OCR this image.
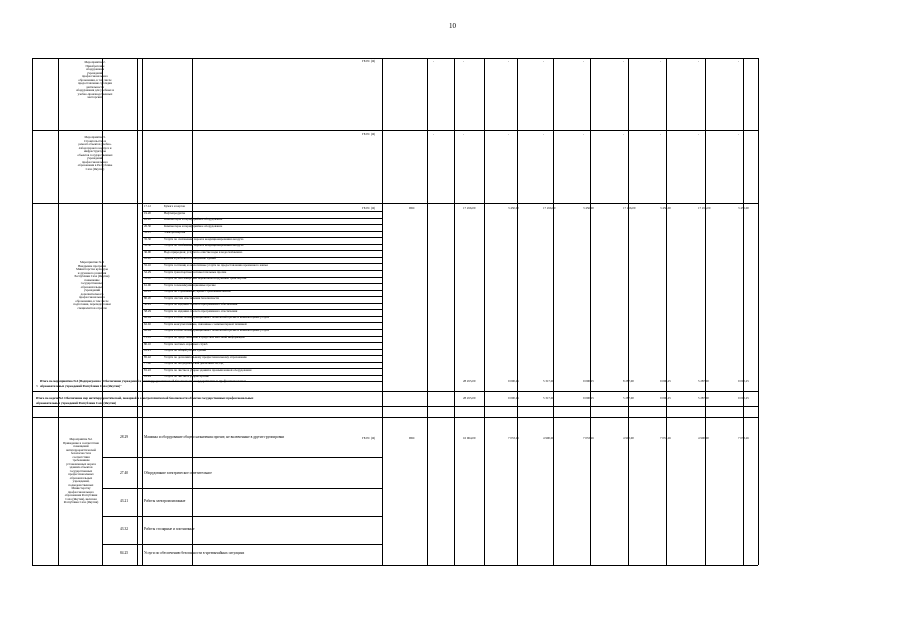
10
Мероприятие 2.
Приобретение
оборудования
учреждений
профессионального
образования, в том числе
предоставление субсидии
деятельности
оборудования для учебных и
учебно-производственных
мастерских
ГБ РС (Я)	-	-	-	-	-	-	-	-	-
Мероприятие 3.
Строительство и
ремонт объектов учебно-
лабораторного корпуса и
инфраструктуры
объектов государственных
учреждений
профессионального
образования в Республике
Саха (Якутия)
ГБ РС (Я)	-	-	-	-	-	-	-	-	-
Мероприятие № 4
Внедрение программ
Министерства культуры
и духовного развития
Республики Саха (Якутия)
повышение
государственных
образовательных
учреждений
дополнительного
профессионального
образования, в том числе
подготовки, переподготовки
специалистов отрасли
ГБ РС (Я)	ПБС	17 456,00	3 450,00	17 456,00	3 456,00	17 456,00	3 456,00	17 456,00	3 456,00
17.12	Бумага и картон
19.20	Нефтепродукты
26.20	Компьютеры и периферийное оборудование
26.30	Компьютеры и периферийное оборудование
35.11	Электроэнергия
35.30	Услуги по снабжению паром и кондиционированию воздуха
35.30	Услуги по снабжению паром и кондиционированию воздуха
36.00	Вода природная; услуги по очистке воды и водоснабжению
41.20	Здания и работы по возведению зданий
55.10	Услуги гостиниц и аналогичные услуги по предоставлению временного жилья
52.29	Услуги транспортных вспомогательные прочие
51.10	Услуги по пассажирским перевозкам воздушным транспортом
61.90	Услуги телекоммуникационные прочие
65.12	Услуги по страхованию, кроме страхования жизни
80.20	Услуги систем обеспечения безопасности
58.29	Услуги по изданию прочего программного обеспечения
58.29	Услуги по изданию прочего программного обеспечения
62.09	Услуги в области информационных технологий прочие и компьютерные услуги
62.02	Услуги консультативные, связанные с компьютерной техникой
62.09	Услуги в области информационных технологий прочие и компьютерные услуги
73.12	Услуги по представлению в средствах массовой информации
80.10	Услуги частных охранных служб
81.21	Услуги по общей уборке зданий
85.42	Услуги по дополнительному профессиональному образованию
77.00	Услуги по посреднической деятельности, ВД
81.22	Услуги по чистке и уборке зданий и промышленной оборудования
81.29	Услуги по чистке и уборке прочие
3
Итого по мероприятию №4 (Подпрограмма "Обеспечение учреждений и антитеррористической безопасности государственных профессиональных
образовательных учреждений Республики Саха (Якутия)"
28 455,00	9 000,25	5 317,00	9 000,25	8 287,00	9 000,25	5 287,00	9 000,25
Итого по задаче №1 Обеспечение мер антитеррористической, пожарной и электротехнической безопасности объектов государственных профессиональных
образовательных учреждений Республики Саха (Якутия)
28 455,00	9 000,25	5 317,00	9 000,25	5 287,00	9 000,25	5 287,00	9 000,25
Мероприятие №1
Приведение в соответствие
помещений
антитеррористической
безопасности и
соответствия
требованиям
установленных норм в
зданиях объектов
государственных
профессиональных
образовательных
учреждений,
подведомственных
Министерству
профессионального
образования Республики
Саха (Якутия), включая
Республика Саха (Якутия)
ГБ РС (Я)	ПБС	16 964,00	7 033,26	4 900,00	7 033,26	4 900,00	7 033,26	4 900,00	7 033,26
28.29	Машины и оборудование общего назначения прочие, не включенные в другие группировки
27.40	Оборудование электрическое осветительное
43.21	Работы электромонтажные
43.32	Работы столярные и плотничные
84.25	Услуги по обеспечению безопасности в чрезвычайных ситуациях
